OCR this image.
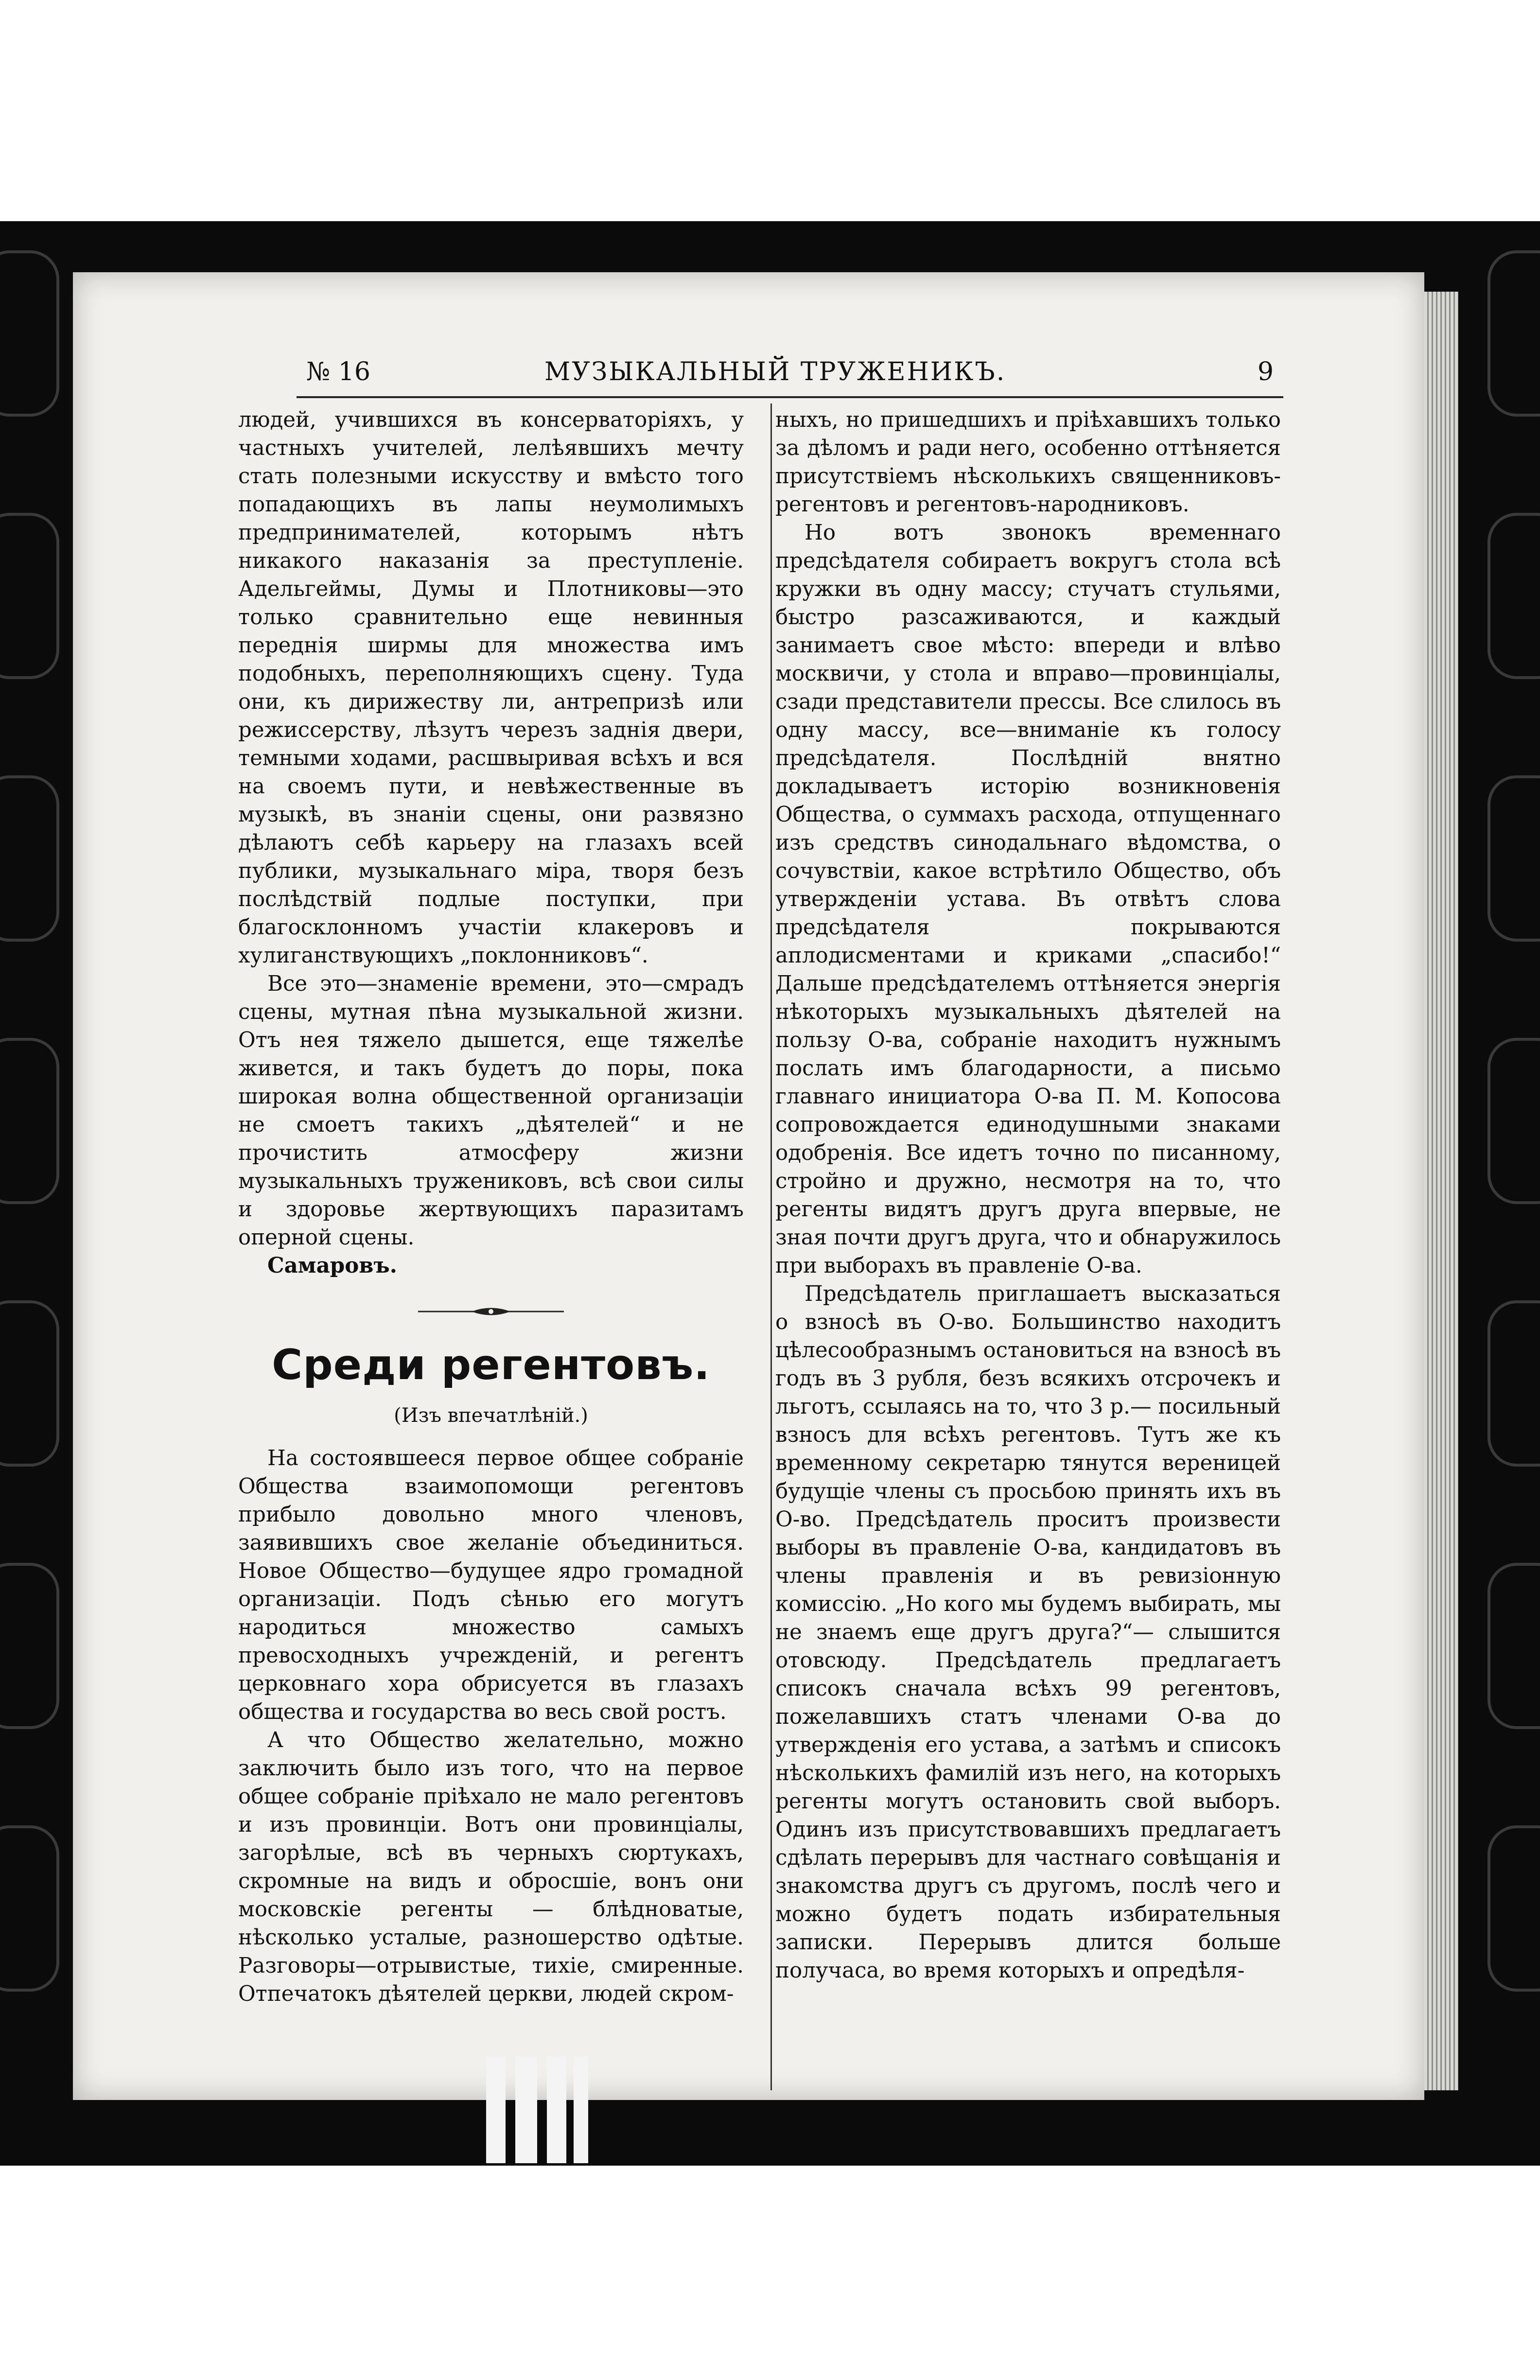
№ 16	МУЗЫКАЛЬНЫЙ ТРУЖЕНИКЪ.	9

людей, учившихся въ консерваторіяхъ, у частныхъ учителей, лелѣявшихъ мечту стать полезными искусству и вмѣсто того попадающихъ въ лапы неумолимыхъ предпринимателей, которымъ нѣтъ никакого наказанія за преступленіе. Адельгеймы, Думы и Плотниковы—это только сравнительно еще невинныя переднія ширмы для множества имъ подобныхъ, переполняющихъ сцену. Туда они, къ дирижеству ли, антрепризѣ или режиссерству, лѣзутъ черезъ заднія двери, темными ходами, расшвыривая всѣхъ и вся на своемъ пути, и невѣжественные въ музыкѣ, въ знаніи сцены, они развязно дѣлаютъ себѣ карьеру на глазахъ всей публики, музыкальнаго міра, творя безъ послѣдствій подлые поступки, при благосклонномъ участіи клакеровъ и хулиганствующихъ „поклонниковъ“.

Все это—знаменіе времени, это—смрадъ сцены, мутная пѣна музыкальной жизни. Отъ нея тяжело дышется, еще тяжелѣе живется, и такъ будетъ до поры, пока широкая волна общественной организаціи не смоетъ такихъ „дѣятелей“ и не прочистить атмосферу жизни музыкальныхъ тружениковъ, всѣ свои силы и здоровье жертвующихъ паразитамъ оперной сцены.

Самаровъ.

Среди регентовъ.
(Изъ впечатлѣній.)

На состоявшееся первое общее собраніе Общества взаимопомощи регентовъ прибыло довольно много членовъ, заявившихъ свое желаніе объединиться. Новое Общество—будущее ядро громадной организаціи. Подъ сѣнью его могутъ народиться множество самыхъ превосходныхъ учрежденій, и регентъ церковнаго хора обрисуется въ глазахъ общества и государства во весь свой ростъ.

А что Общество желательно, можно заключить было изъ того, что на первое общее собраніе пріѣхало не мало регентовъ и изъ провинціи. Вотъ они провинціалы, загорѣлые, всѣ въ черныхъ сюртукахъ, скромные на видъ и обросшіе, вонъ они московскіе регенты — блѣдноватые, нѣсколько усталые, разношерство одѣтые. Разговоры—отрывистые, тихіе, смиренные. Отпечатокъ дѣятелей церкви, людей скром-

ныхъ, но пришедшихъ и пріѣхавшихъ только за дѣломъ и ради него, особенно оттѣняется присутствіемъ нѣсколькихъ священниковъ-регентовъ и регентовъ-народниковъ.

Но вотъ звонокъ временнаго предсѣдателя собираетъ вокругъ стола всѣ кружки въ одну массу; стучатъ стульями, быстро разсаживаются, и каждый занимаетъ свое мѣсто: впереди и влѣво москвичи, у стола и вправо—провинціалы, сзади представители прессы. Все слилось въ одну массу, все—вниманіе къ голосу предсѣдателя. Послѣдній внятно докладываетъ исторію возникновенія Общества, о суммахъ расхода, отпущеннаго изъ средствъ синодальнаго вѣдомства, о сочувствіи, какое встрѣтило Общество, объ утвержденіи устава. Въ отвѣтъ слова предсѣдателя покрываются аплодисментами и криками „спасибо!“ Дальше предсѣдателемъ оттѣняется энергія нѣкоторыхъ музыкальныхъ дѣятелей на пользу О-ва, собраніе находитъ нужнымъ послать имъ благодарности, а письмо главнаго инициатора О-ва П. М. Копосова сопровождается единодушными знаками одобренія. Все идетъ точно по писанному, стройно и дружно, несмотря на то, что регенты видятъ другъ друга впервые, не зная почти другъ друга, что и обнаружилось при выборахъ въ правленіе О-ва.

Предсѣдатель приглашаетъ высказаться о взносѣ въ О-во. Большинство находитъ цѣлесообразнымъ остановиться на взносѣ въ годъ въ 3 рубля, безъ всякихъ отсрочекъ и льготъ, ссылаясь на то, что 3 р.— посильный взносъ для всѣхъ регентовъ. Тутъ же къ временному секретарю тянутся вереницей будущіе члены съ просьбою принять ихъ въ О-во. Предсѣдатель проситъ произвести выборы въ правленіе О-ва, кандидатовъ въ члены правленія и въ ревизіонную комиссію. „Но кого мы будемъ выбирать, мы не знаемъ еще другъ друга?“— слышится отовсюду. Предсѣдатель предлагаетъ списокъ сначала всѣхъ 99 регентовъ, пожелавшихъ статъ членами О-ва до утвержденія его устава, а затѣмъ и списокъ нѣсколькихъ фамилій изъ него, на которыхъ регенты могутъ остановить свой выборъ. Одинъ изъ присутствовавшихъ предлагаетъ сдѣлать перерывъ для частнаго совѣщанія и знакомства другъ съ другомъ, послѣ чего и можно будетъ подать избирательныя записки. Перерывъ длится больше получаса, во время которыхъ и опредѣля-
